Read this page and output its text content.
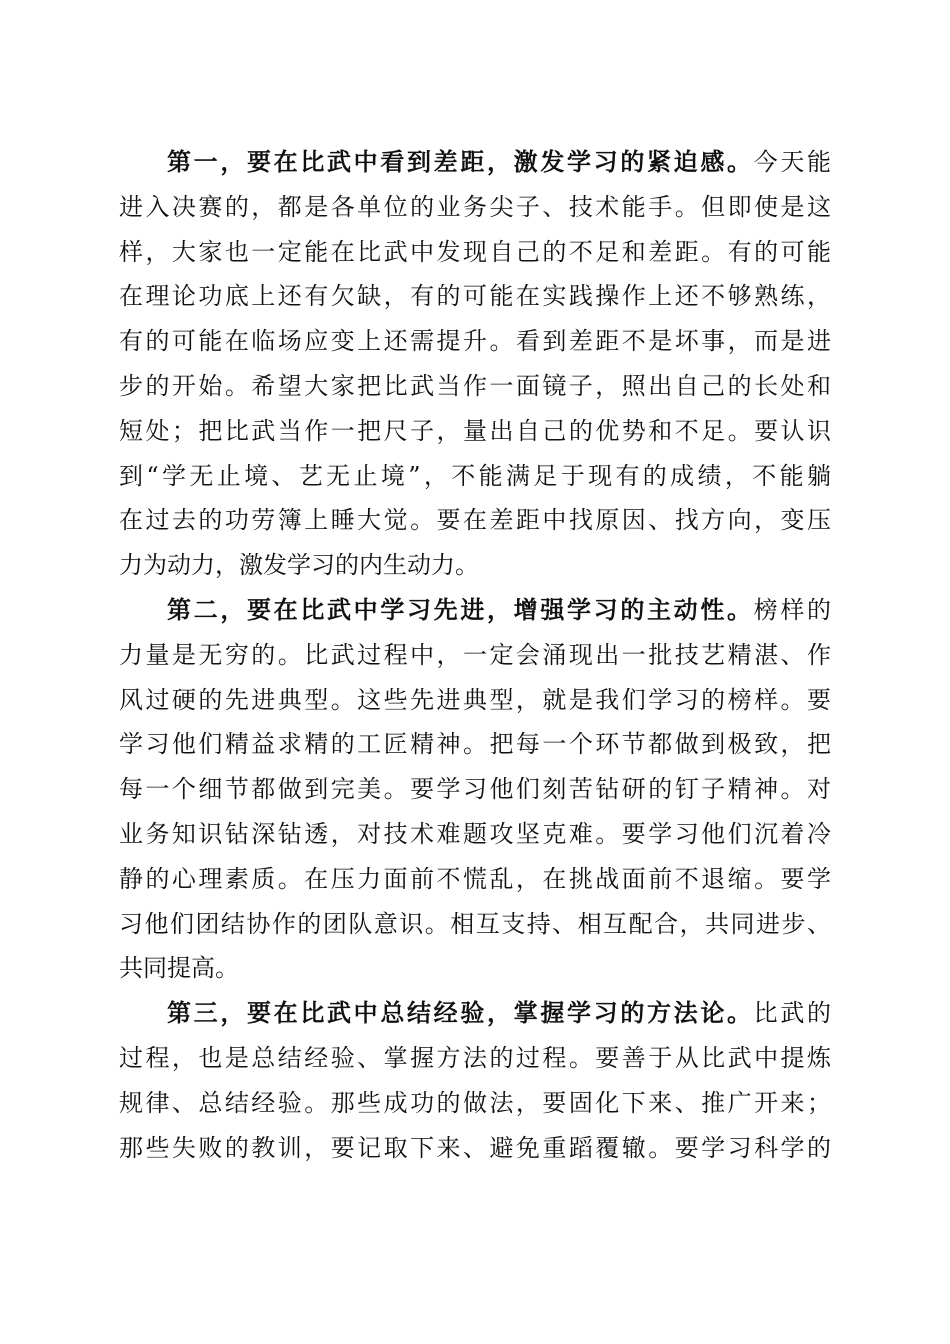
第一，要在比武中看到差距，激发学习的紧迫感。今天能
进入决赛的，都是各单位的业务尖子、技术能手。但即使是这
样，大家也一定能在比武中发现自己的不足和差距。有的可能
在理论功底上还有欠缺，有的可能在实践操作上还不够熟练，
有的可能在临场应变上还需提升。看到差距不是坏事，而是进
步的开始。希望大家把比武当作一面镜子，照出自己的长处和
短处；把比武当作一把尺子，量出自己的优势和不足。要认识
到“学无止境、艺无止境”，不能满足于现有的成绩，不能躺
在过去的功劳簿上睡大觉。要在差距中找原因、找方向，变压
力为动力，激发学习的内生动力。
第二，要在比武中学习先进，增强学习的主动性。榜样的
力量是无穷的。比武过程中，一定会涌现出一批技艺精湛、作
风过硬的先进典型。这些先进典型，就是我们学习的榜样。要
学习他们精益求精的工匠精神。把每一个环节都做到极致，把
每一个细节都做到完美。要学习他们刻苦钻研的钉子精神。对
业务知识钻深钻透，对技术难题攻坚克难。要学习他们沉着冷
静的心理素质。在压力面前不慌乱，在挑战面前不退缩。要学
习他们团结协作的团队意识。相互支持、相互配合，共同进步、
共同提高。
第三，要在比武中总结经验，掌握学习的方法论。比武的
过程，也是总结经验、掌握方法的过程。要善于从比武中提炼
规律、总结经验。那些成功的做法，要固化下来、推广开来；
那些失败的教训，要记取下来、避免重蹈覆辙。要学习科学的
